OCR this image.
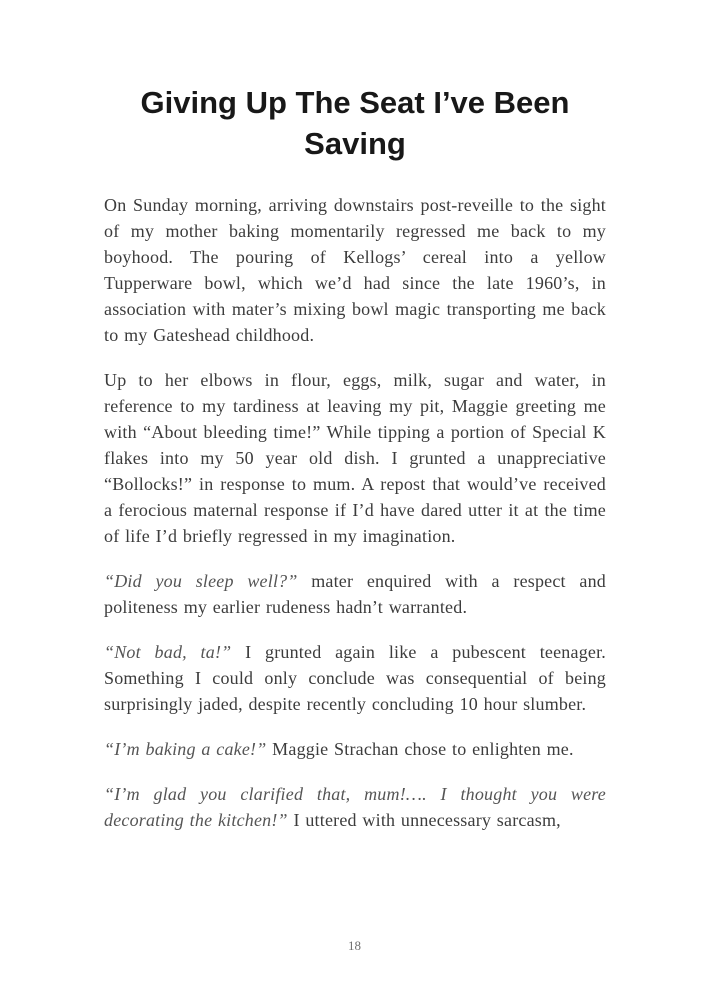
Giving Up The Seat I’ve Been Saving

On Sunday morning, arriving downstairs post-reveille to the sight of my mother baking momentarily regressed me back to my boyhood. The pouring of Kellogs’ cereal into a yellow Tupperware bowl, which we’d had since the late 1960’s, in association with mater’s mixing bowl magic transporting me back to my Gateshead childhood.

Up to her elbows in flour, eggs, milk, sugar and water, in reference to my tardiness at leaving my pit, Maggie greeting me with “About bleeding time!” While tipping a portion of Special K flakes into my 50 year old dish. I grunted a unappreciative “Bollocks!” in response to mum. A repost that would’ve received a ferocious maternal response if I’d have dared utter it at the time of life I’d briefly regressed in my imagination.

“Did you sleep well?” mater enquired with a respect and politeness my earlier rudeness hadn’t warranted.

“Not bad, ta!” I grunted again like a pubescent teenager. Something I could only conclude was consequential of being surprisingly jaded, despite recently concluding 10 hour slumber.

“I’m baking a cake!” Maggie Strachan chose to enlighten me.

“I’m glad you clarified that, mum!…. I thought you were decorating the kitchen!” I uttered with unnecessary sarcasm,

18
